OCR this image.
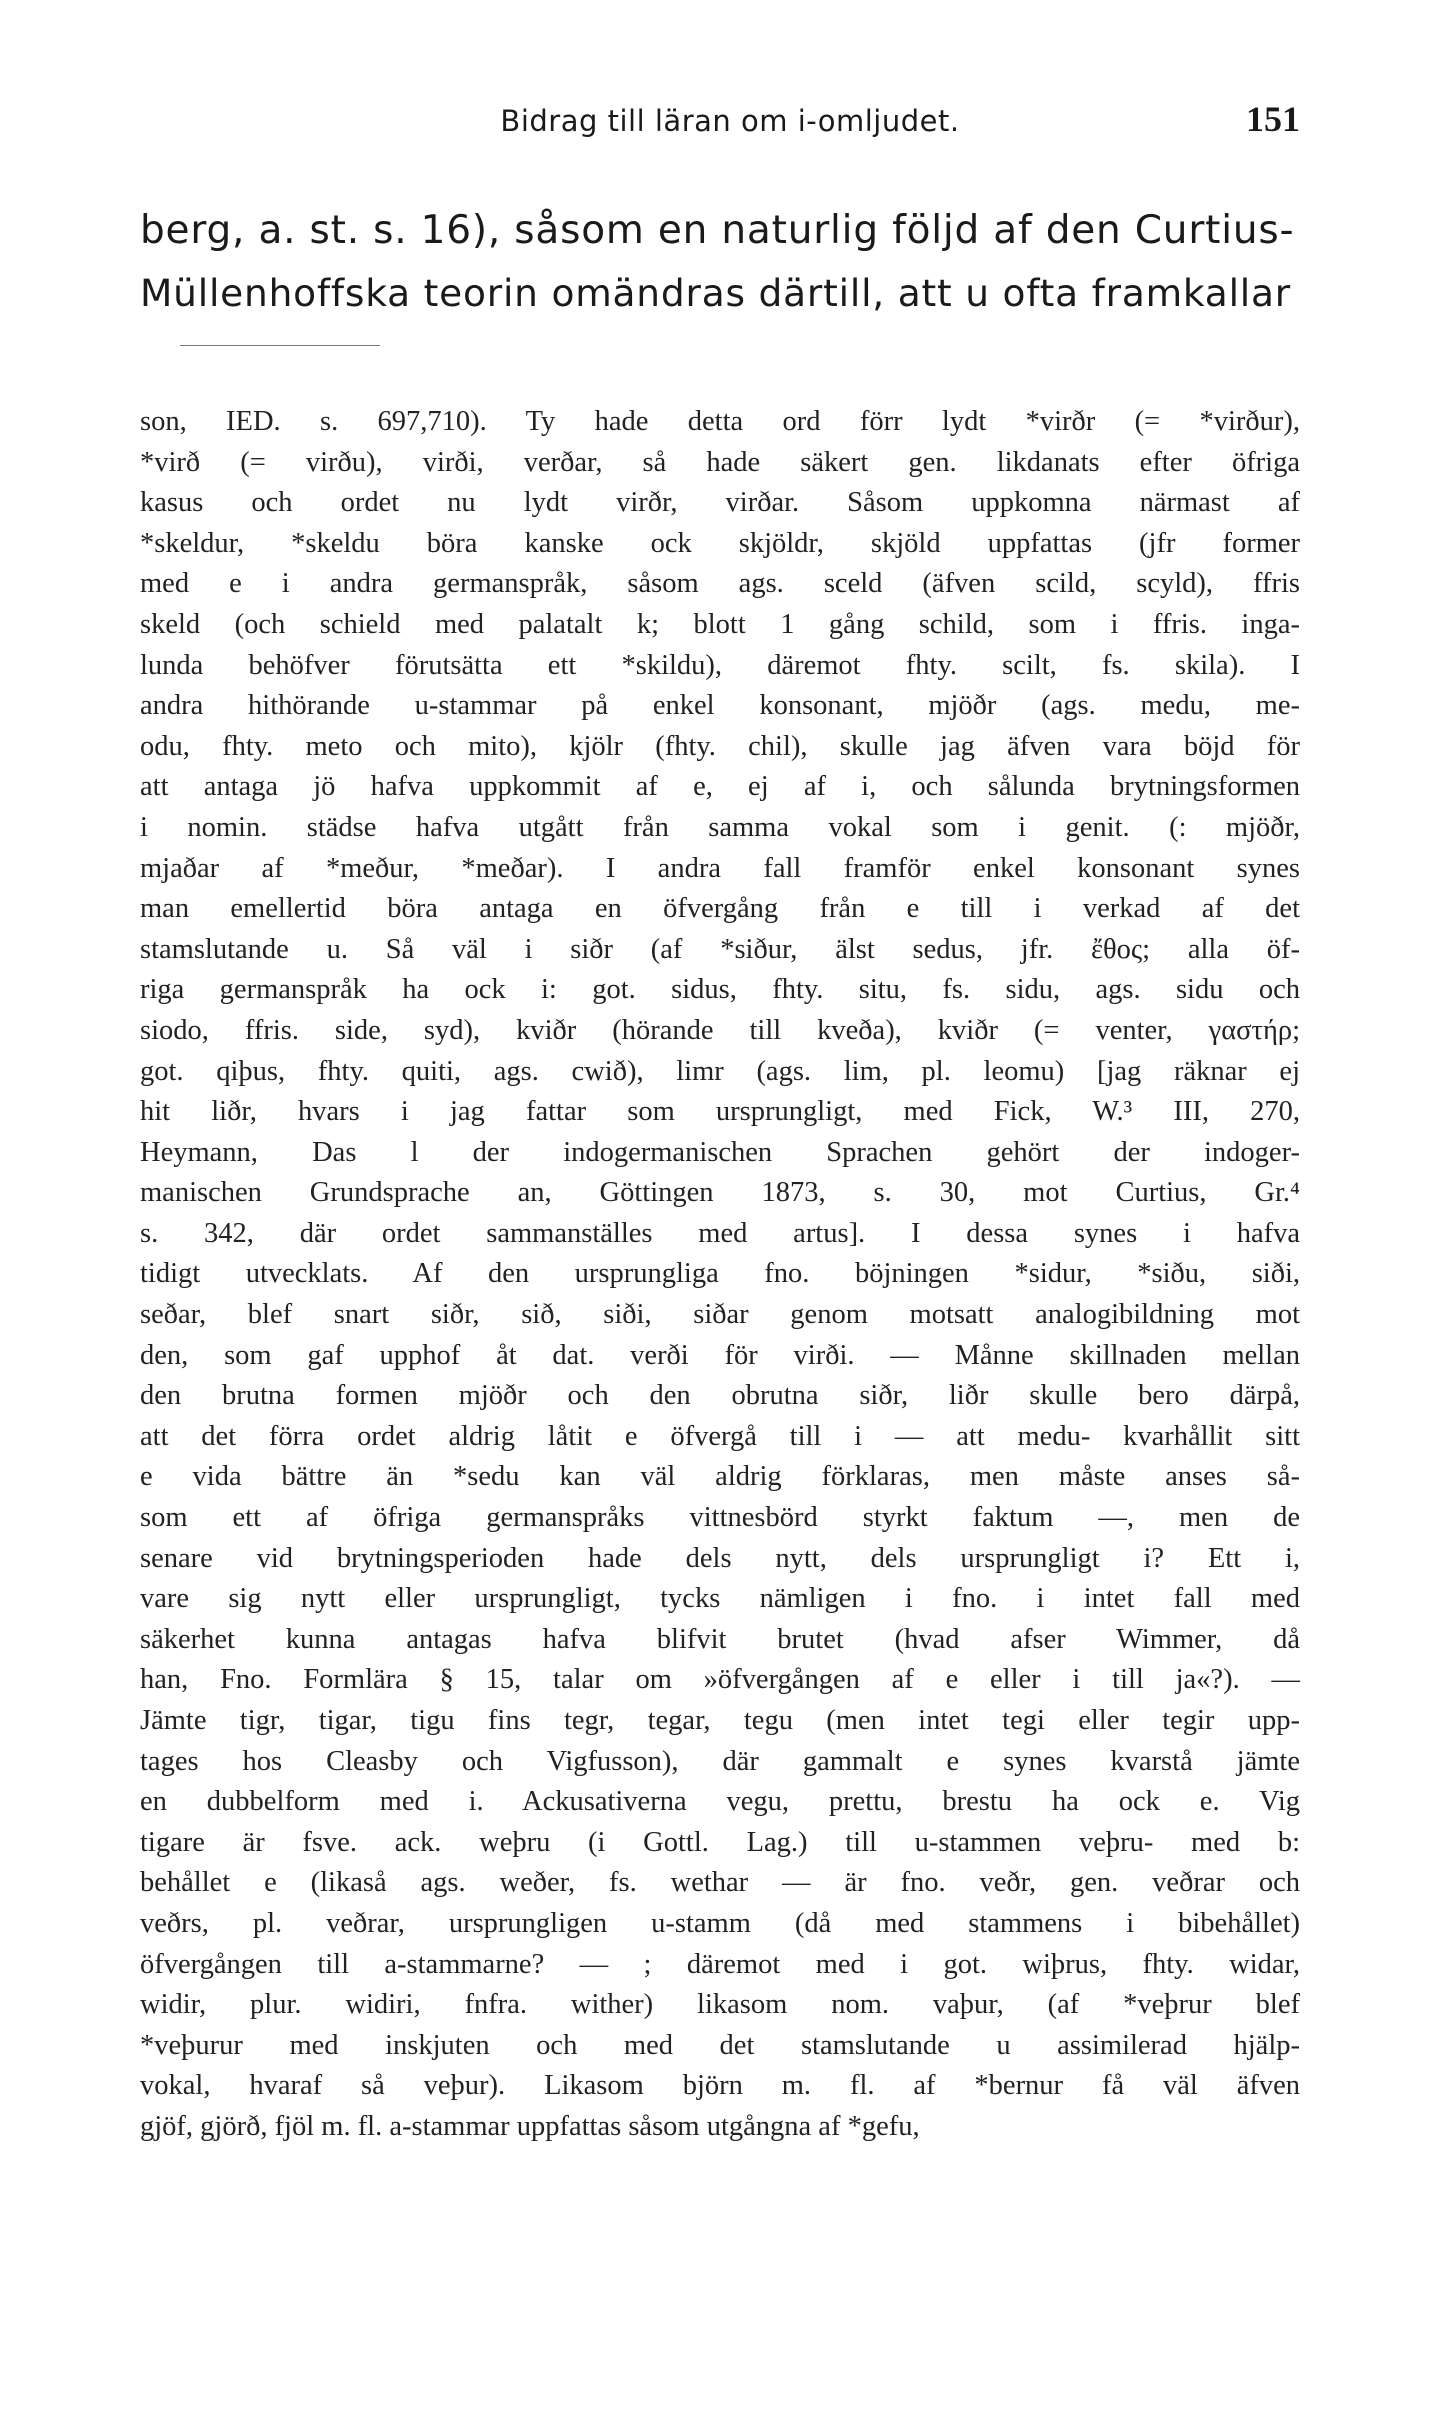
Bidrag till läran om i-omljudet.	151
berg, a. st. s. 16), såsom en naturlig följd af den Curtius-
Müllenhoffska teorin omändras därtill, att u ofta framkallar
son, IED. s. 697,710). Ty hade detta ord förr lydt *virðr (= *virður),
*virð (= virðu), virði, verðar, så hade säkert gen. likdanats efter öfriga
kasus och ordet nu lydt virðr, virðar. Såsom uppkomna närmast af
*skeldur, *skeldu böra kanske ock skjöldr, skjöld uppfattas (jfr former
med e i andra germanspråk, såsom ags. sceld (äfven scild, scyld), ffris
skeld (och schield med palatalt k; blott 1 gång schild, som i ffris. inga-
lunda behöfver förutsätta ett *skildu), däremot fhty. scilt, fs. skila). I
andra hithörande u-stammar på enkel konsonant, mjöðr (ags. medu, me-
odu, fhty. meto och mito), kjölr (fhty. chil), skulle jag äfven vara böjd för
att antaga jö hafva uppkommit af e, ej af i, och sålunda brytningsformen
i nomin. städse hafva utgått från samma vokal som i genit. (: mjöðr,
mjaðar af *meður, *meðar). I andra fall framför enkel konsonant synes
man emellertid böra antaga en öfvergång från e till i verkad af det
stamslutande u. Så väl i siðr (af *siður, älst sedus, jfr. ἔθος; alla öf-
riga germanspråk ha ock i: got. sidus, fhty. situ, fs. sidu, ags. sidu och
siodo, ffris. side, syd), kviðr (hörande till kveða), kviðr (= venter, γαστήρ;
got. qiþus, fhty. quiti, ags. cwið), limr (ags. lim, pl. leomu) [jag räknar ej
hit liðr, hvars i jag fattar som ursprungligt, med Fick, W.³ III, 270,
Heymann, Das l der indogermanischen Sprachen gehört der indoger-
manischen Grundsprache an, Göttingen 1873, s. 30, mot Curtius, Gr.⁴
s. 342, där ordet sammanställes med artus]. I dessa synes i hafva
tidigt utvecklats. Af den ursprungliga fno. böjningen *sidur, *siðu, siði,
seðar, blef snart siðr, sið, siði, siðar genom motsatt analogibildning mot
den, som gaf upphof åt dat. verði för virði. — Månne skillnaden mellan
den brutna formen mjöðr och den obrutna siðr, liðr skulle bero därpå,
att det förra ordet aldrig låtit e öfvergå till i — att medu- kvarhållit sitt
e vida bättre än *sedu kan väl aldrig förklaras, men måste anses så-
som ett af öfriga germanspråks vittnesbörd styrkt faktum —, men de
senare vid brytningsperioden hade dels nytt, dels ursprungligt i? Ett i,
vare sig nytt eller ursprungligt, tycks nämligen i fno. i intet fall med
säkerhet kunna antagas hafva blifvit brutet (hvad afser Wimmer, då
han, Fno. Formlära § 15, talar om »öfvergången af e eller i till ja«?). —
Jämte tigr, tigar, tigu fins tegr, tegar, tegu (men intet tegi eller tegir upp-
tages hos Cleasby och Vigfusson), där gammalt e synes kvarstå jämte
en dubbelform med i. Ackusativerna vegu, prettu, brestu ha ock e. Vig
tigare är fsve. ack. weþru (i Gottl. Lag.) till u-stammen veþru- med b:
behållet e (likaså ags. weðer, fs. wethar — är fno. veðr, gen. veðrar och
veðrs, pl. veðrar, ursprungligen u-stamm (då med stammens i bibehållet)
öfvergången till a-stammarne? — ; däremot med i got. wiþrus, fhty. widar,
widir, plur. widiri, fnfra. wither) likasom nom. vaþur, (af *veþrur blef
*veþurur med inskjuten och med det stamslutande u assimilerad hjälp-
vokal, hvaraf så veþur). Likasom björn m. fl. af *bernur få väl äfven
gjöf, gjörð, fjöl m. fl. a-stammar uppfattas såsom utgångna af *gefu,
